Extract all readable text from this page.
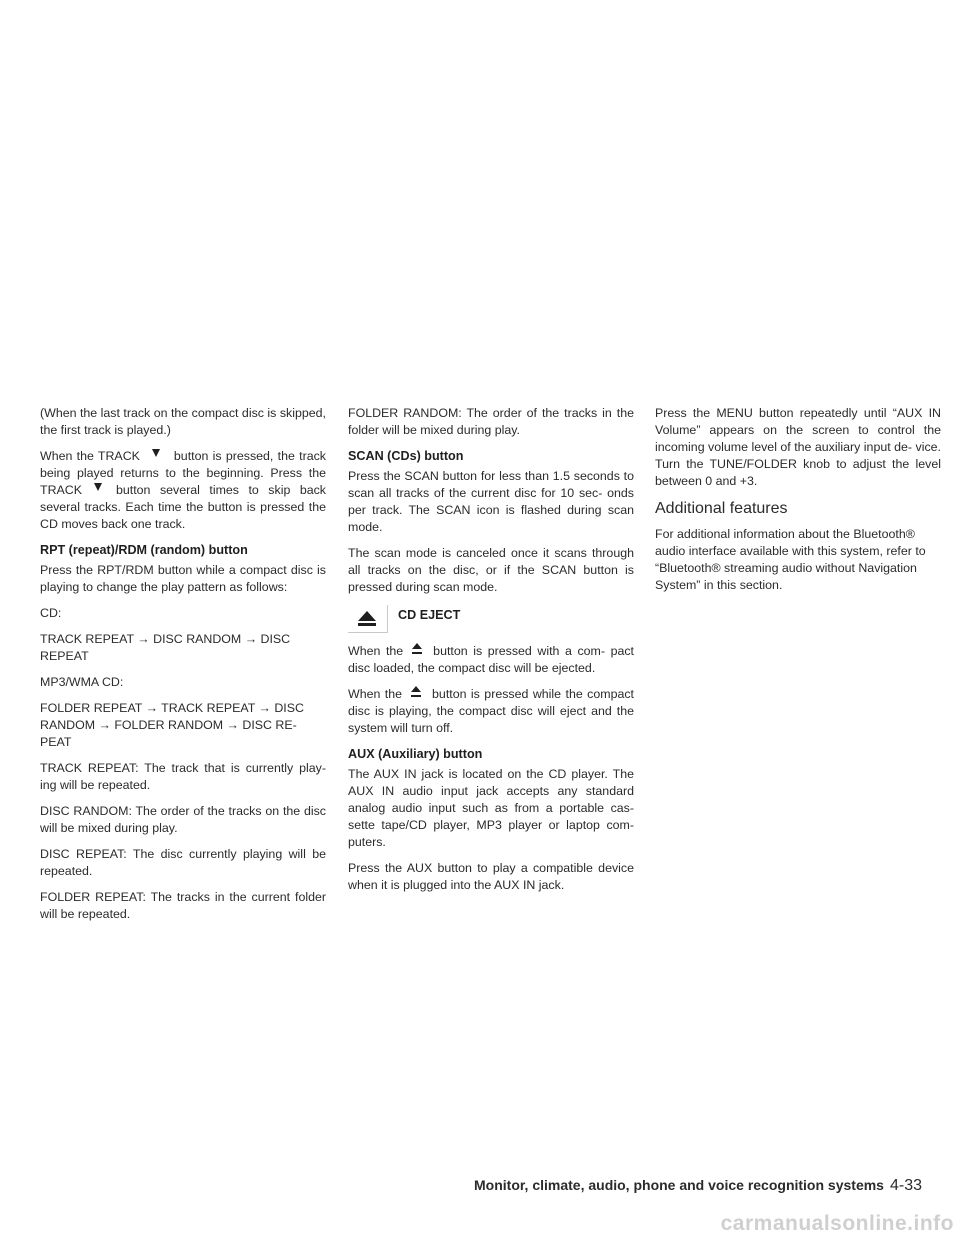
(When the last track on the compact disc is skipped, the first track is played.)

When the TRACK	button is pressed, the track being played returns to the beginning. Press the TRACK	button several times to skip back several tracks. Each time the button is pressed the CD moves back one track.

RPT (repeat)/RDM (random) button

Press the RPT/RDM button while a compact disc is playing to change the play pattern as follows:

CD:

TRACK REPEAT → DISC RANDOM → DISC REPEAT

MP3/WMA CD:

FOLDER REPEAT → TRACK REPEAT → DISC RANDOM → FOLDER RANDOM → DISC RE- PEAT

TRACK REPEAT: The track that is currently play- ing will be repeated.

DISC RANDOM: The order of the tracks on the disc will be mixed during play.

DISC REPEAT: The disc currently playing will be repeated.

FOLDER REPEAT: The tracks in the current folder will be repeated.

FOLDER RANDOM: The order of the tracks in the folder will be mixed during play.

SCAN (CDs) button

Press the SCAN button for less than 1.5 seconds to scan all tracks of the current disc for 10 sec- onds per track. The SCAN icon is flashed during scan mode.

The scan mode is canceled once it scans through all tracks on the disc, or if the SCAN button is pressed during scan mode.

CD EJECT

When the button is pressed with a com- pact disc loaded, the compact disc will be ejected.

When the button is pressed while the compact disc is playing, the compact disc will eject and the system will turn off.

AUX (Auxiliary) button

The AUX IN jack is located on the CD player. The AUX IN audio input jack accepts any standard analog audio input such as from a portable cas- sette tape/CD player, MP3 player or laptop com- puters.

Press the AUX button to play a compatible device when it is plugged into the AUX IN jack.

Press the MENU button repeatedly until “AUX IN Volume” appears on the screen to control the incoming volume level of the auxiliary input de- vice. Turn the TUNE/FOLDER knob to adjust the level between 0 and +3.

Additional features

For additional information about the Bluetooth® audio interface available with this system, refer to “Bluetooth® streaming audio without Navigation System” in this section.

Monitor, climate, audio, phone and voice recognition systems 4-33
carmanualsonline.info
